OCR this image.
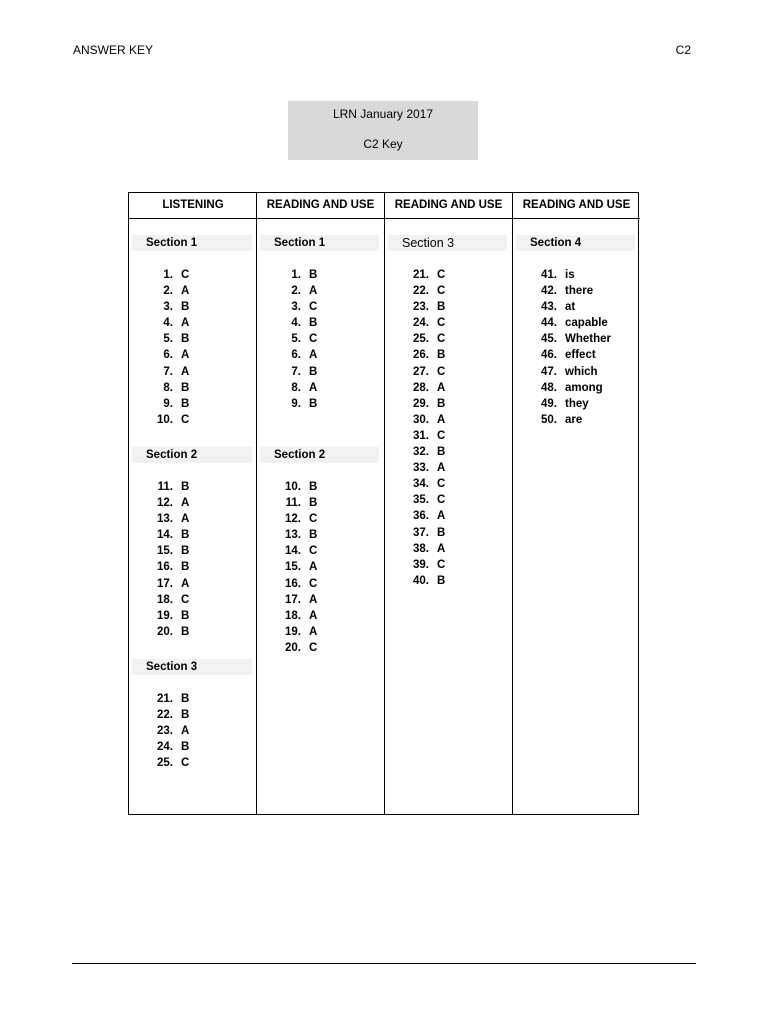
ANSWER KEY	C2
LRN January 2017
C2 Key
LISTENING
Section 1
1. C
2. A
3. B
4. A
5. B
6. A
7. A
8. B
9. B
10. C
Section 2
11. B
12. A
13. A
14. B
15. B
16. B
17. A
18. C
19. B
20. B
Section 3
21. B
22. B
23. A
24. B
25. C
READING AND USE
Section 1
1. B
2. A
3. C
4. B
5. C
6. A
7. B
8. A
9. B
Section 2
10. B
11. B
12. C
13. B
14. C
15. A
16. C
17. A
18. A
19. A
20. C
READING AND USE
Section 3
21. C
22. C
23. B
24. C
25. C
26. B
27. C
28. A
29. B
30. A
31. C
32. B
33. A
34. C
35. C
36. A
37. B
38. A
39. C
40. B
READING AND USE
Section 4
41. is
42. there
43. at
44. capable
45. Whether
46. effect
47. which
48. among
49. they
50. are
